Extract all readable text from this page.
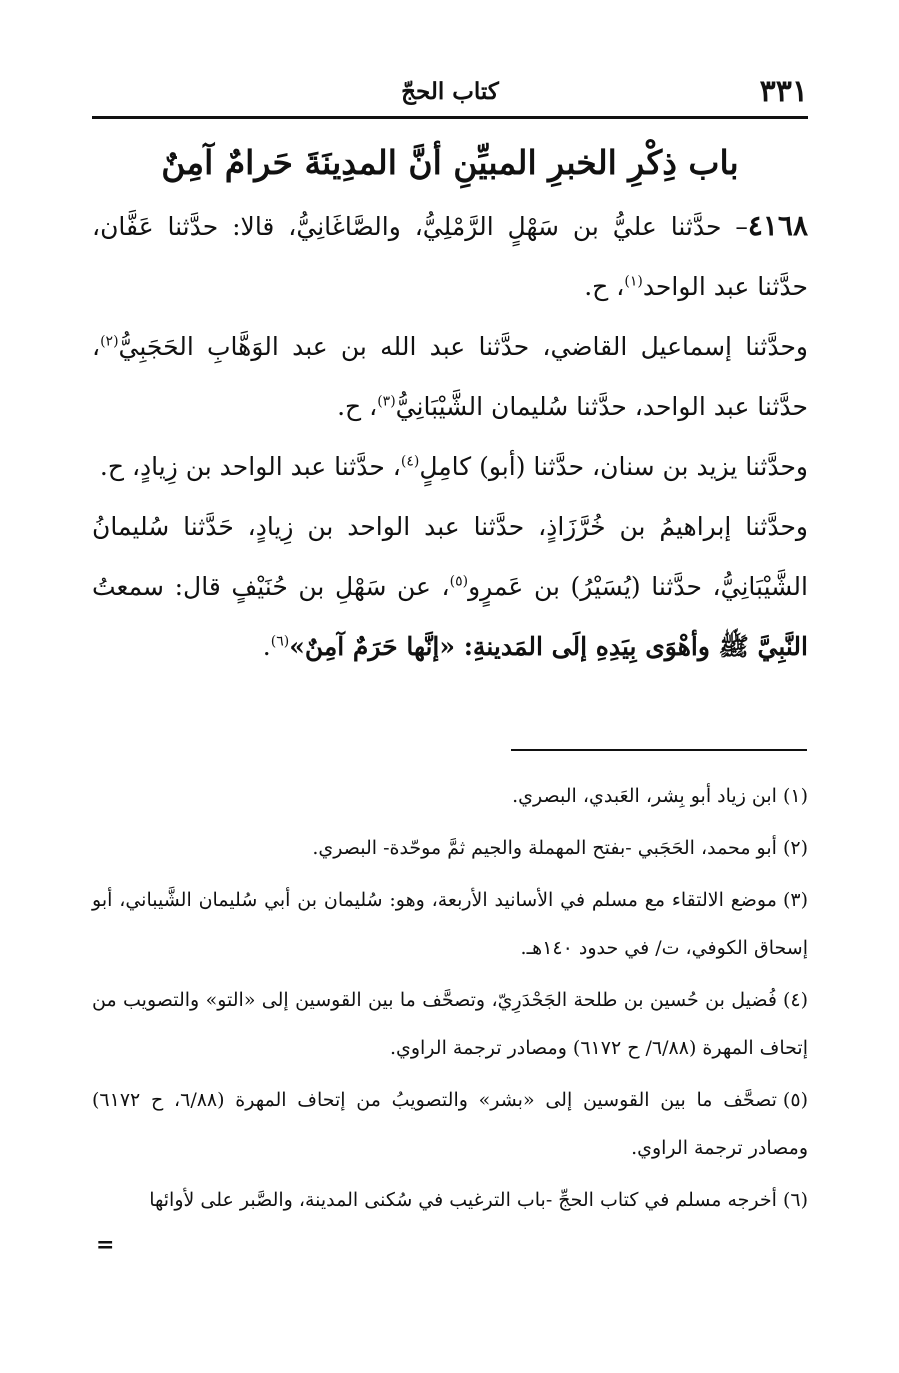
٣٣١
كتاب الحجّ
باب ذِكْرِ الخبرِ المبيِّنِ أنَّ المدِينَةَ حَرامٌ آمِنٌ

٤١٦٨– حدَّثنا عليُّ بن سَهْلٍ الرَّمْلِيُّ، والصَّاغَانِيُّ، قالا: حدَّثنا عَفَّان، حدَّثنا عبد الواحد$^{(١)}$، ح.

وحدَّثنا إسماعيل القاضي، حدَّثنا عبد الله بن عبد الوَهَّابِ الحَجَبِيُّ$^{(٢)}$، حدَّثنا عبد الواحد، حدَّثنا سُليمان الشَّيْبَانِيُّ$^{(٣)}$، ح.

وحدَّثنا يزيد بن سنان، حدَّثنا (أبو) كامِلٍ$^{(٤)}$، حدَّثنا عبد الواحد بن زِيادٍ، ح.

وحدَّثنا إبراهيمُ بن خُرَّزَاذٍ، حدَّثنا عبد الواحد بن زِيادٍ، حَدَّثنا سُليمانُ الشَّيْبَانِيُّ، حدَّثنا (يُسَيْرُ) بن عَمرٍو$^{(٥)}$، عن سَهْلِ بن حُنَيْفٍ قال: سمعتُ النَّبِيَّ ﷺ وأهْوَى بِيَدِهِ إلَى المَدينةِ: «إنَّها حَرَمٌ آمِنٌ»$^{(٦)}$.

(١)ابن زياد أبو بِشر، العَبدي، البصري.

(٢)أبو محمد، الحَجَبي -بفتح المهملة والجيم ثمَّ موحّدة- البصري.

(٣)موضع الالتقاء مع مسلم في الأسانيد الأربعة، وهو: سُليمان بن أبي سُليمان الشَّيباني، أبو إسحاق الكوفي، ت/ في حدود ١٤٠هـ.

(٤)فُضيل بن حُسين بن طلحة الجَحْدَرِيّ، وتصحَّف ما بين القوسين إلى «التو» والتصويب من إتحاف المهرة (٦/٨٨/ ح ٦١٧٢) ومصادر ترجمة الراوي.

(٥)تصحَّف ما بين القوسين إلى «بشر» والتصويبُ من إتحاف المهرة (٦/٨٨، ح ٦١٧٢) ومصادر ترجمة الراوي.

(٦)أخرجه مسلم في كتاب الحجِّ -باب الترغيب في سُكنى المدينة، والصَّبر على لأوائها

=
